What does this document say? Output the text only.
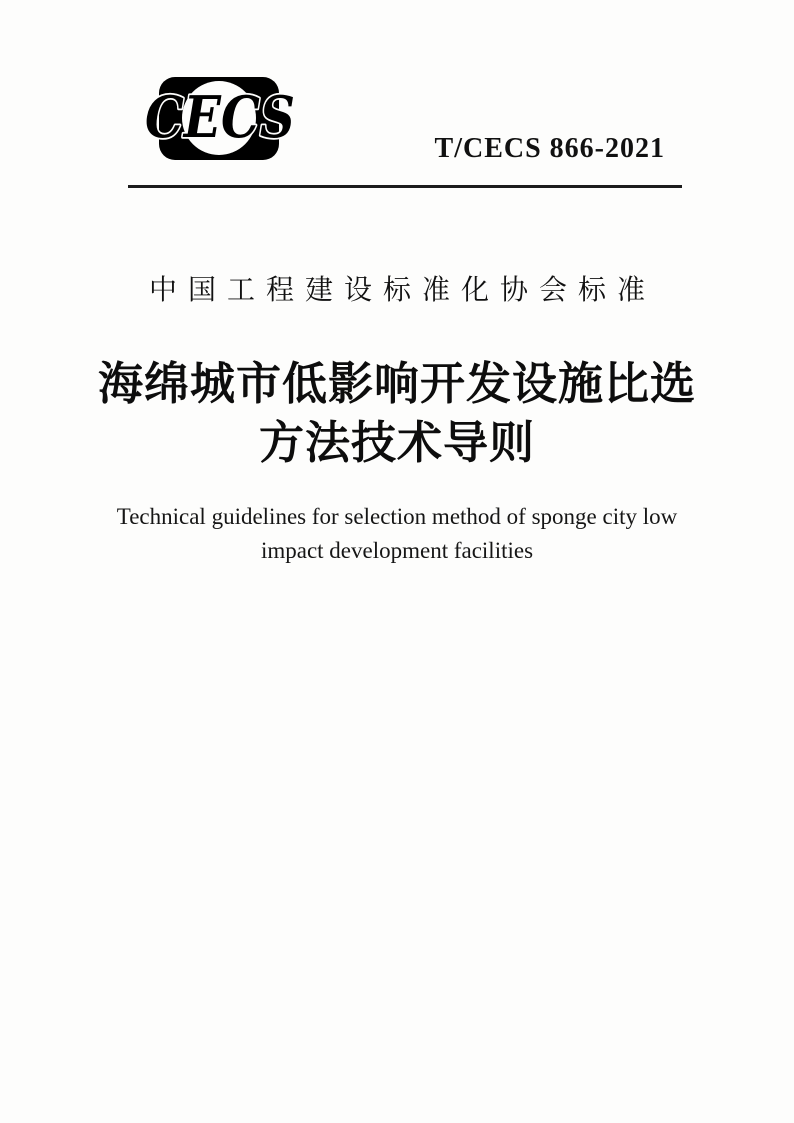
CECS	T/CECS 866-2021
中国工程建设标准化协会标准
海绵城市低影响开发设施比选
方法技术导则
Technical guidelines for selection method of sponge city low
impact development facilities
